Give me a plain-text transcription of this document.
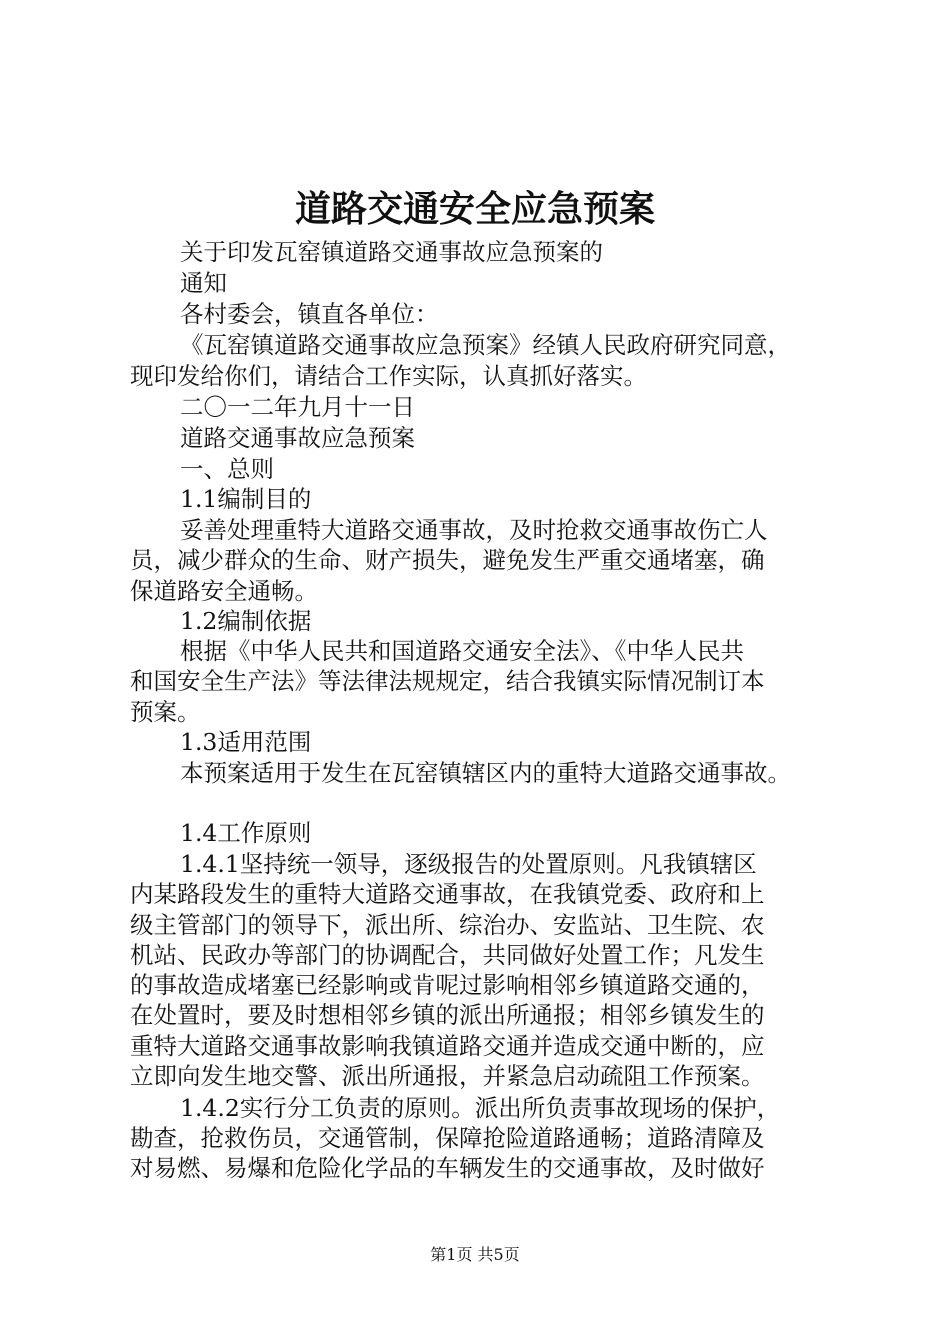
道路交通安全应急预案
关于印发瓦窑镇道路交通事故应急预案的
通知
各村委会，镇直各单位：
《瓦窑镇道路交通事故应急预案》经镇人民政府研究同意，
现印发给你们，请结合工作实际，认真抓好落实。
二〇一二年九月十一日
道路交通事故应急预案
一、总则
1.1编制目的
妥善处理重特大道路交通事故，及时抢救交通事故伤亡人
员，减少群众的生命、财产损失，避免发生严重交通堵塞，确
保道路安全通畅。
1.2编制依据
根据《中华人民共和国道路交通安全法》、《中华人民共
和国安全生产法》等法律法规规定，结合我镇实际情况制订本
预案。
1.3适用范围
本预案适用于发生在瓦窑镇辖区内的重特大道路交通事故。
1.4工作原则
1.4.1坚持统一领导，逐级报告的处置原则。凡我镇辖区
内某路段发生的重特大道路交通事故，在我镇党委、政府和上
级主管部门的领导下，派出所、综治办、安监站、卫生院、农
机站、民政办等部门的协调配合，共同做好处置工作；凡发生
的事故造成堵塞已经影响或肯呢过影响相邻乡镇道路交通的，
在处置时，要及时想相邻乡镇的派出所通报；相邻乡镇发生的
重特大道路交通事故影响我镇道路交通并造成交通中断的，应
立即向发生地交警、派出所通报，并紧急启动疏阻工作预案。
1.4.2实行分工负责的原则。派出所负责事故现场的保护，
勘查，抢救伤员，交通管制，保障抢险道路通畅；道路清障及
对易燃、易爆和危险化学品的车辆发生的交通事故，及时做好
第1页 共5页
